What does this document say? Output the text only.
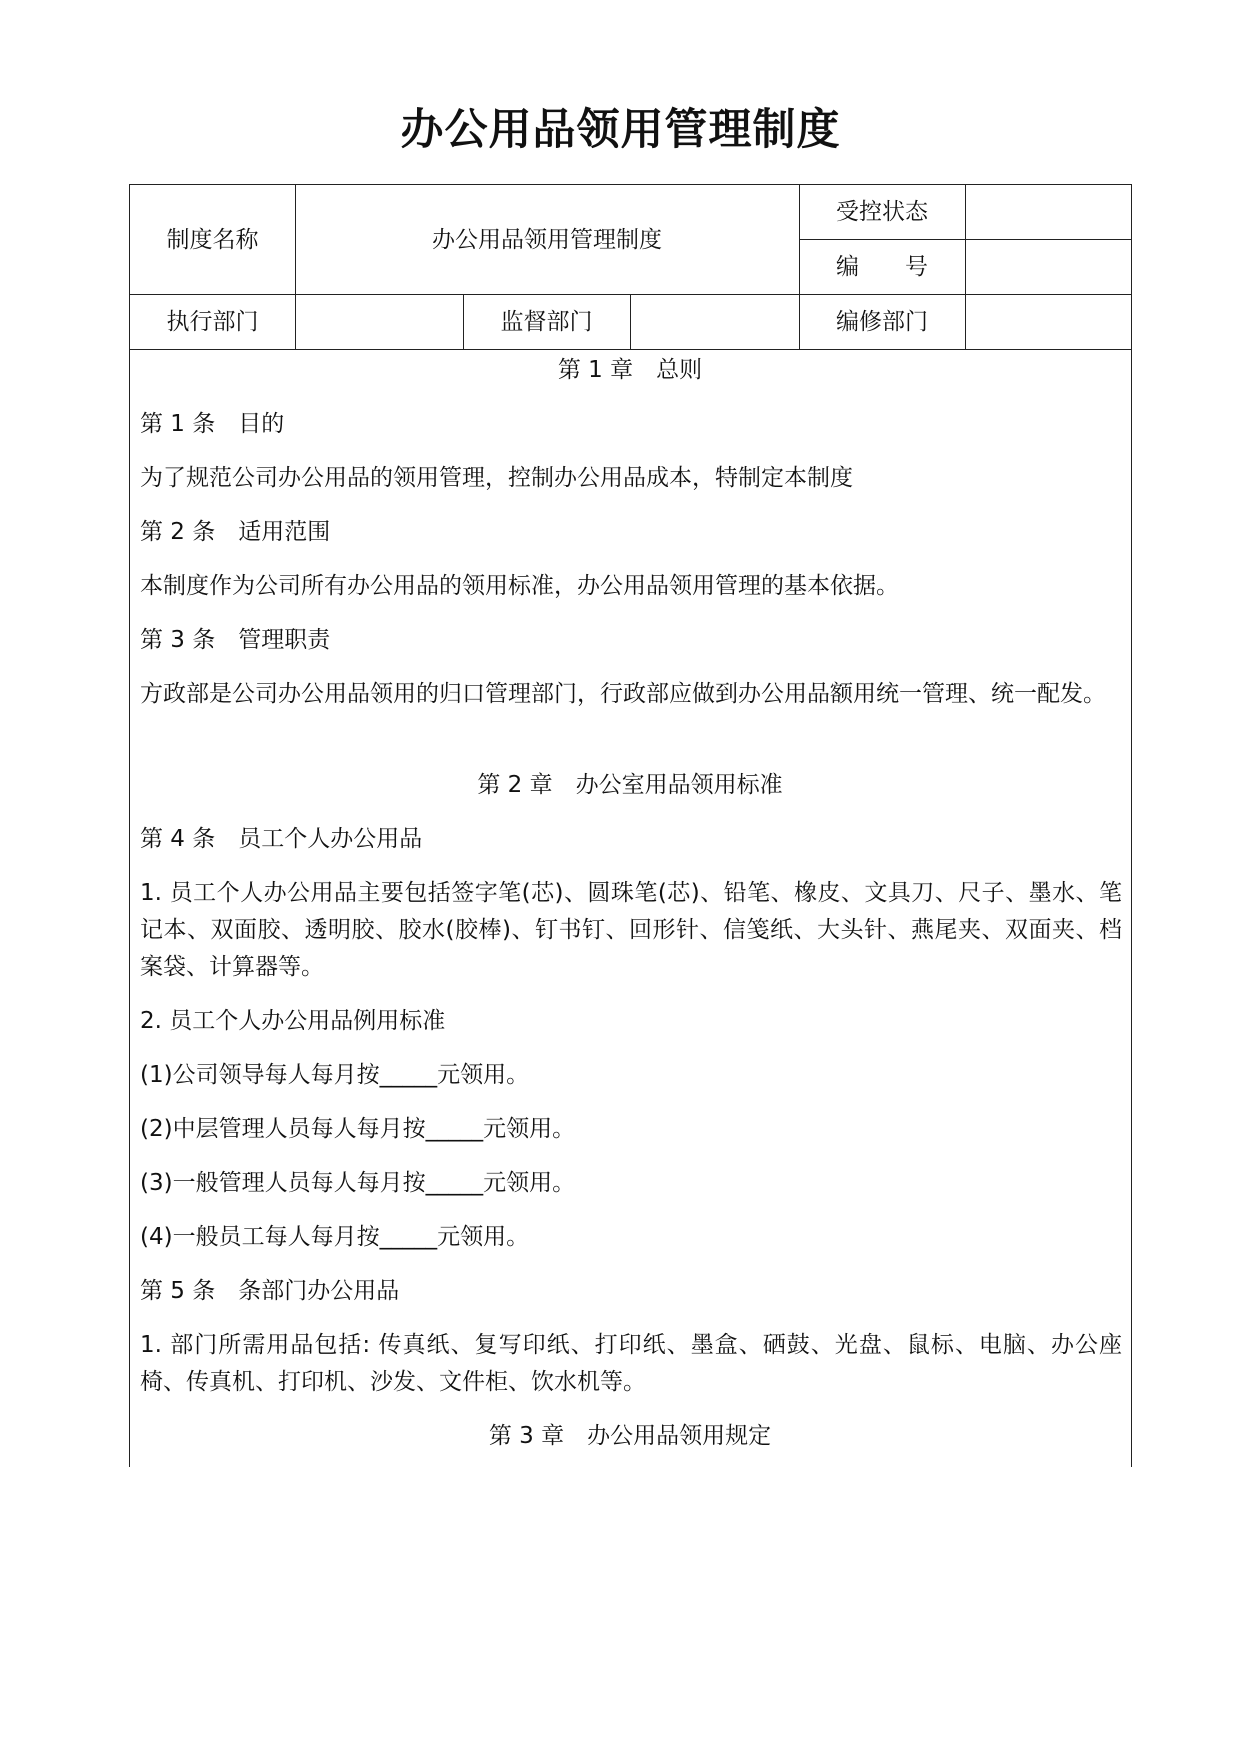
办公用品领用管理制度
制度名称	办公用品领用管理制度
受控状态
编　　号
执行部门	监督部门	编修部门
第 1 章　总则
第 1 条　目的
为了规范公司办公用品的领用管理，控制办公用品成本，特制定本制度
第 2 条　适用范围
本制度作为公司所有办公用品的领用标准，办公用品领用管理的基本依据。
第 3 条　管理职责
方政部是公司办公用品领用的归口管理部门，行政部应做到办公用品额用统一管理、统一配发。
第 2 章　办公室用品领用标准
第 4 条　员工个人办公用品
1. 员工个人办公用品主要包括签字笔(芯)、圆珠笔(芯)、铅笔、橡皮、文具刀、尺子、墨水、笔记本、双面胶、透明胶、胶水(胶棒)、钉书钉、回形针、信笺纸、大头针、燕尾夹、双面夹、档案袋、计算器等。
2. 员工个人办公用品例用标准
(1)公司领导每人每月按_____元领用。
(2)中层管理人员每人每月按_____元领用。
(3)一般管理人员每人每月按_____元领用。
(4)一般员工每人每月按_____元领用。
第 5 条　条部门办公用品
1. 部门所需用品包括: 传真纸、复写印纸、打印纸、墨盒、硒鼓、光盘、鼠标、电脑、办公座椅、传真机、打印机、沙发、文件柜、饮水机等。
第 3 章　办公用品领用规定
